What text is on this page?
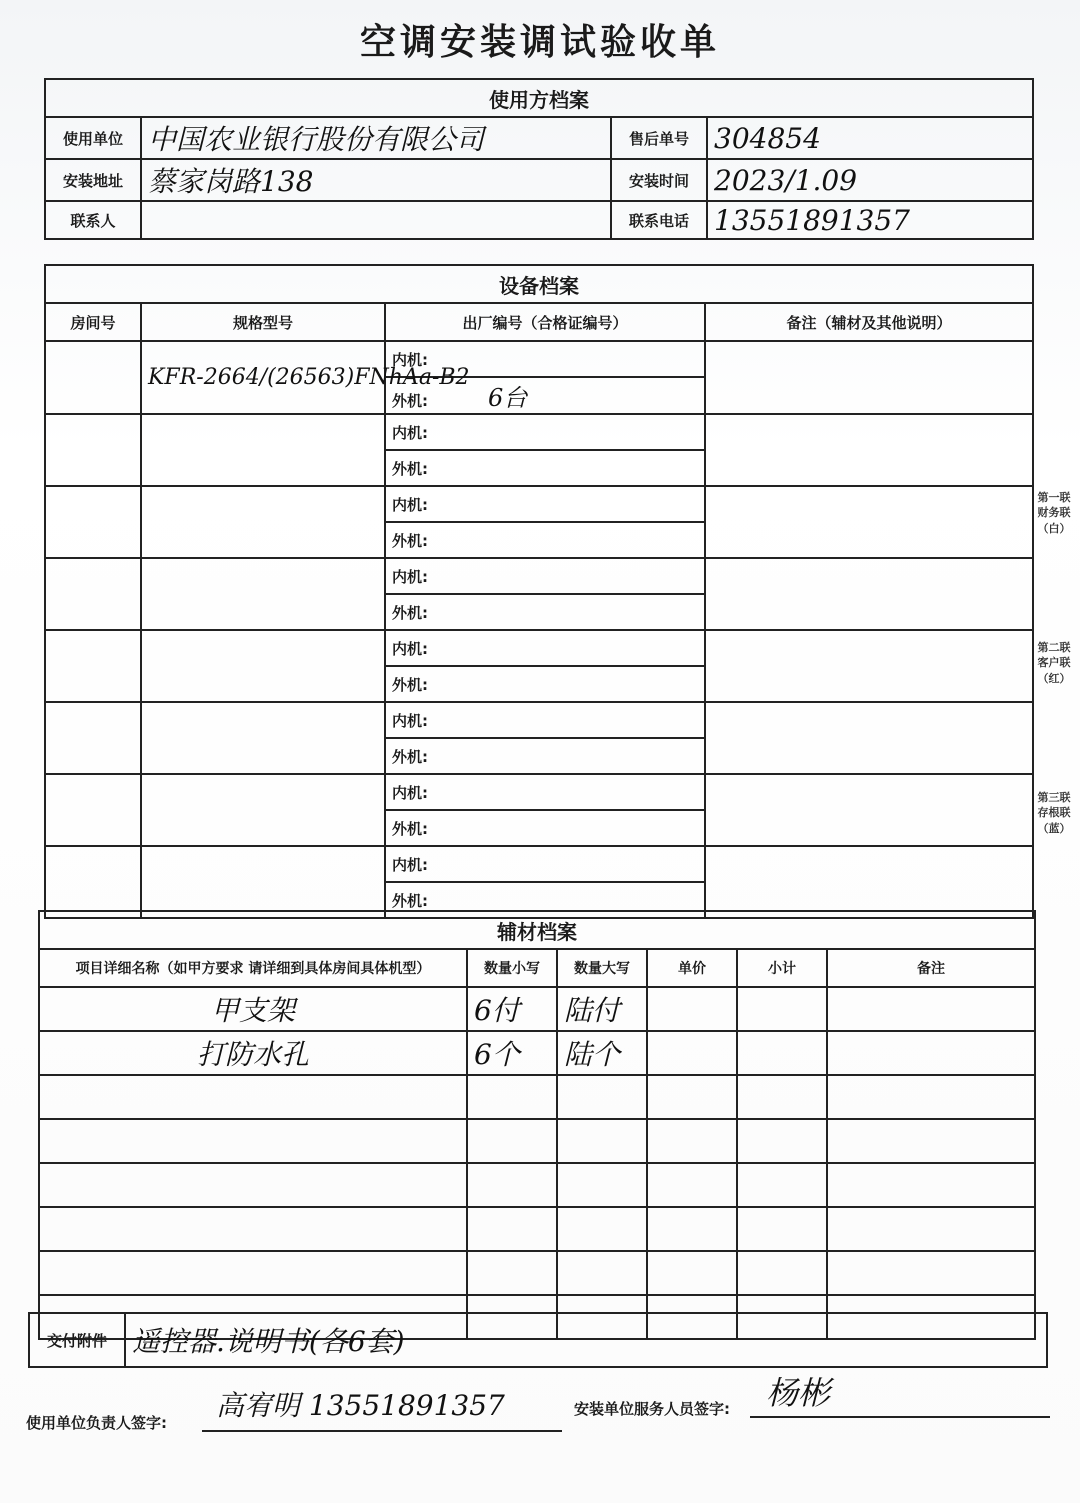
空调安装调试验收单
使用方档案			
使用单位	中国农业银行股份有限公司	售后单号	304854
安装地址	蔡家岗路138	安装时间	2023/1.09
联系人		联系电话	13551891357
设备档案			
房间号	规格型号	出厂编号（合格证编号）	备注（辅材及其他说明）
	KFR-2664/(26563)FNhAa-B2	内机:	
		外机: 6台	
		内机:	
		外机:	
		内机:	
		外机:	
		内机:	
		外机:	
		内机:	
		外机:	
		内机:	
		外机:	
		内机:	
		外机:	
		内机:	
		外机:	
辅材档案					
项目详细名称（如甲方要求 请详细到具体房间具体机型）	数量小写	数量大写	单价	小计	备注
甲支架	6付	陆付			
打防水孔	6个	陆个			

交付附件	遥控器.说明书(各6套)
使用单位负责人签字:
高宥明 13551891357	安装单位服务人员签字: 杨彬
第一联 财务联（白）
第二联 客户联（红）
第三联 存根联（蓝）
